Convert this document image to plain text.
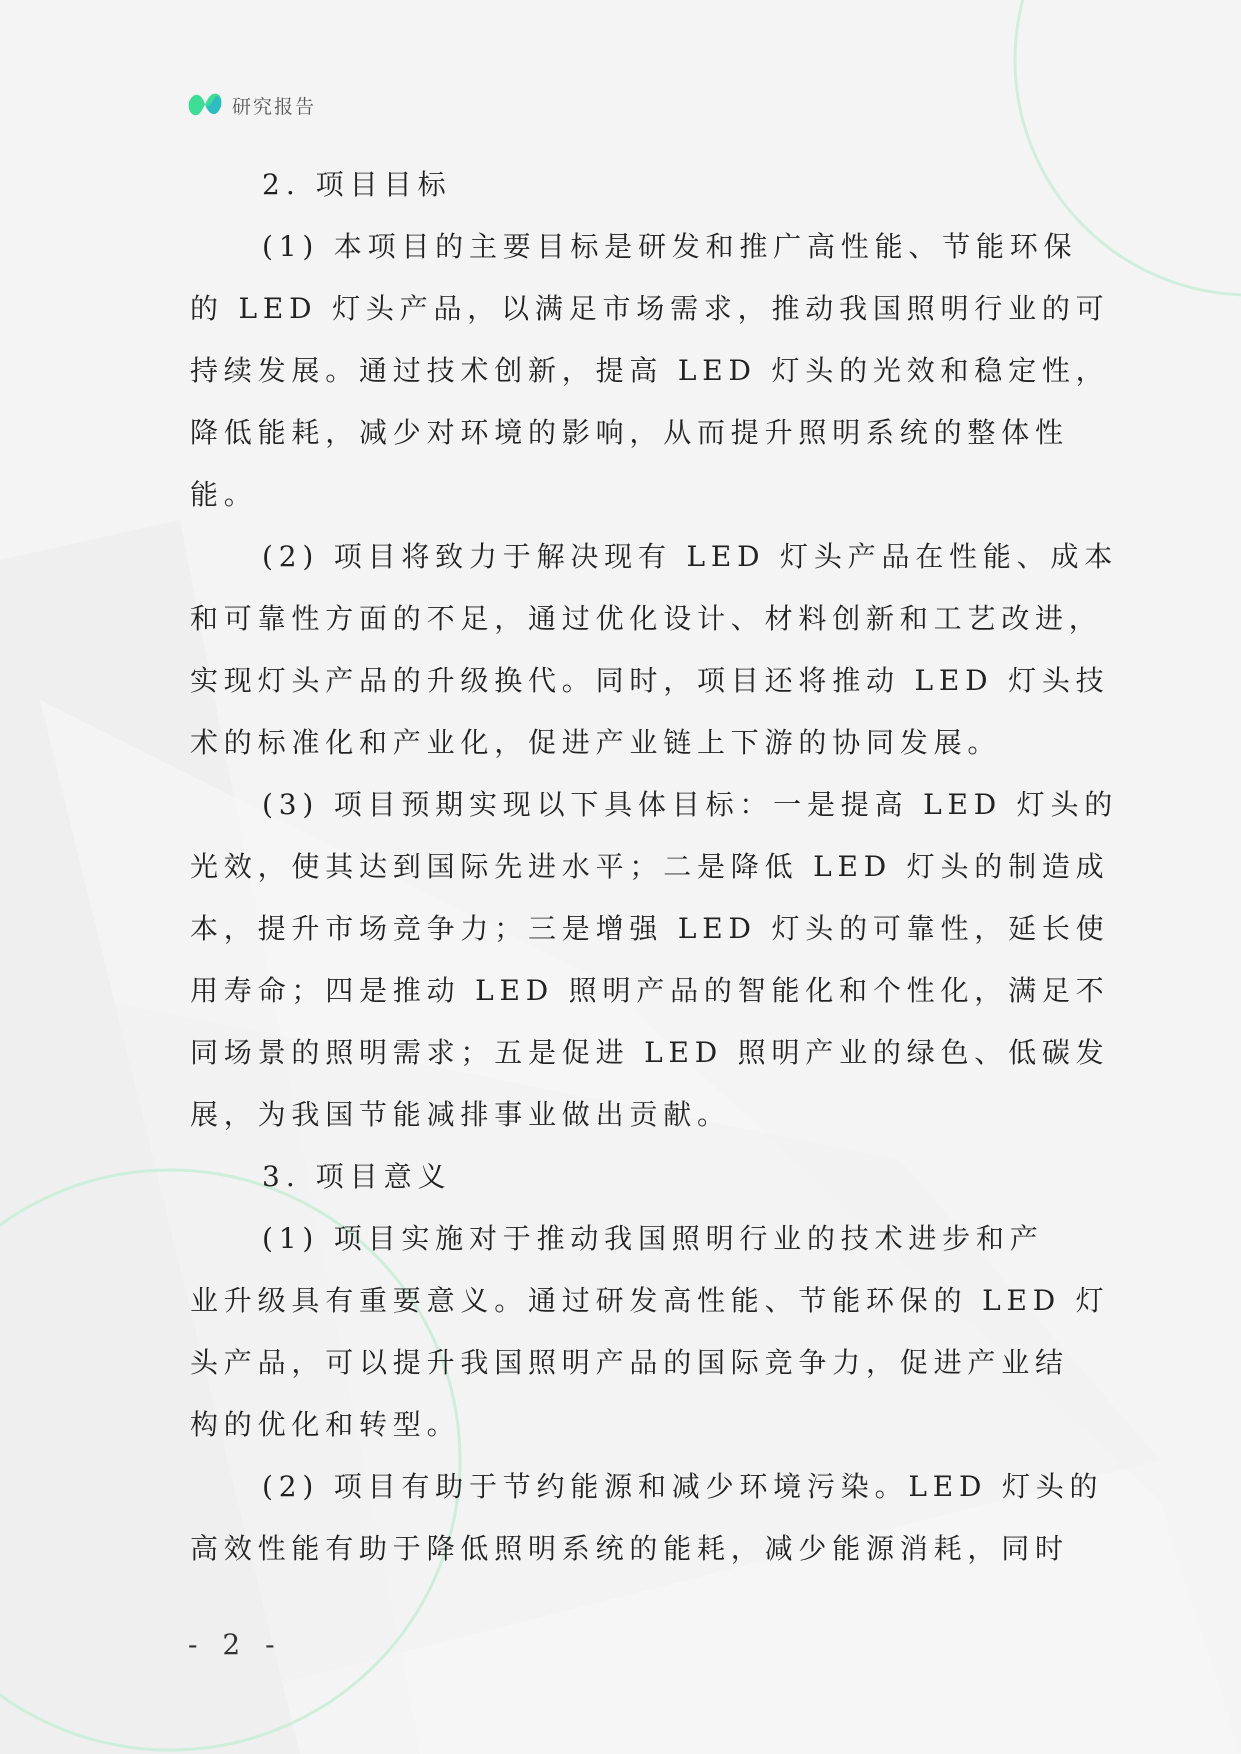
研究报告
2. 项目目标
(1) 本项目的主要目标是研发和推广高性能、节能环保
的 LED 灯头产品，以满足市场需求，推动我国照明行业的可
持续发展。通过技术创新，提高 LED 灯头的光效和稳定性，
降低能耗，减少对环境的影响，从而提升照明系统的整体性
能。
(2) 项目将致力于解决现有 LED 灯头产品在性能、成本
和可靠性方面的不足，通过优化设计、材料创新和工艺改进，
实现灯头产品的升级换代。同时，项目还将推动 LED 灯头技
术的标准化和产业化，促进产业链上下游的协同发展。
(3) 项目预期实现以下具体目标：一是提高 LED 灯头的
光效，使其达到国际先进水平；二是降低 LED 灯头的制造成
本，提升市场竞争力；三是增强 LED 灯头的可靠性，延长使
用寿命；四是推动 LED 照明产品的智能化和个性化，满足不
同场景的照明需求；五是促进 LED 照明产业的绿色、低碳发
展，为我国节能减排事业做出贡献。
3. 项目意义
(1) 项目实施对于推动我国照明行业的技术进步和产
业升级具有重要意义。通过研发高性能、节能环保的 LED 灯
头产品，可以提升我国照明产品的国际竞争力，促进产业结
构的优化和转型。
(2) 项目有助于节约能源和减少环境污染。LED 灯头的
高效性能有助于降低照明系统的能耗，减少能源消耗，同时
- 2 -
